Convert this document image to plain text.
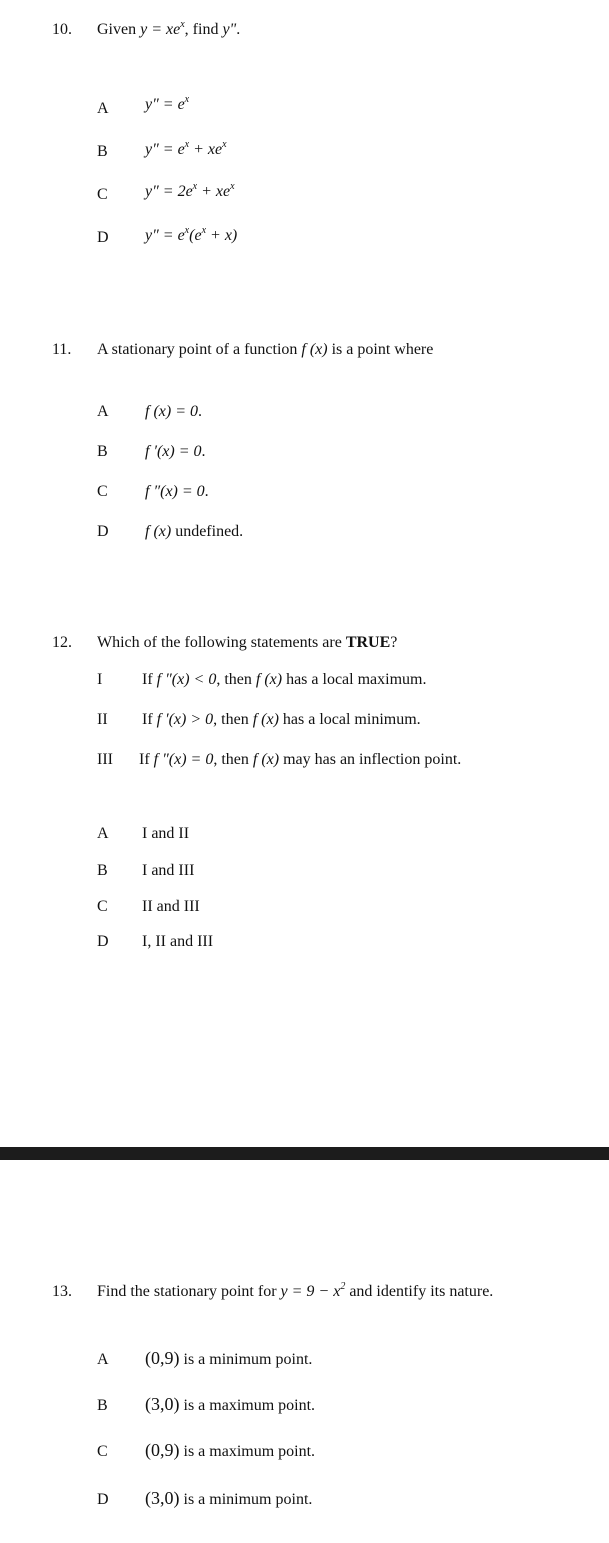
10. Given $y = xe^x$, find y".
A $y'' = e^x$
B $y'' = e^x + xe^x$
C $y'' = 2e^x + xe^x$
D $y'' = e^x(e^x + x)$
11. A stationary point of a function f (x) is a point where
A f (x) = 0.
B f ′(x) = 0.
C f ″(x) = 0.
D f (x) undefined.
12. Which of the following statements are TRUE?
I If f ″(x) < 0, then f (x) has a local maximum.
II If f ′(x) > 0, then f (x) has a local minimum.
III If f ″(x) = 0, then f (x) may has an inflection point.
A I and II
B I and III
C II and III
D I, II and III
13. Find the stationary point for $y = 9 - x^2$ and identify its nature.
A (0,9) is a minimum point.
B (3,0) is a maximum point.
C (0,9) is a maximum point.
D (3,0) is a minimum point.
